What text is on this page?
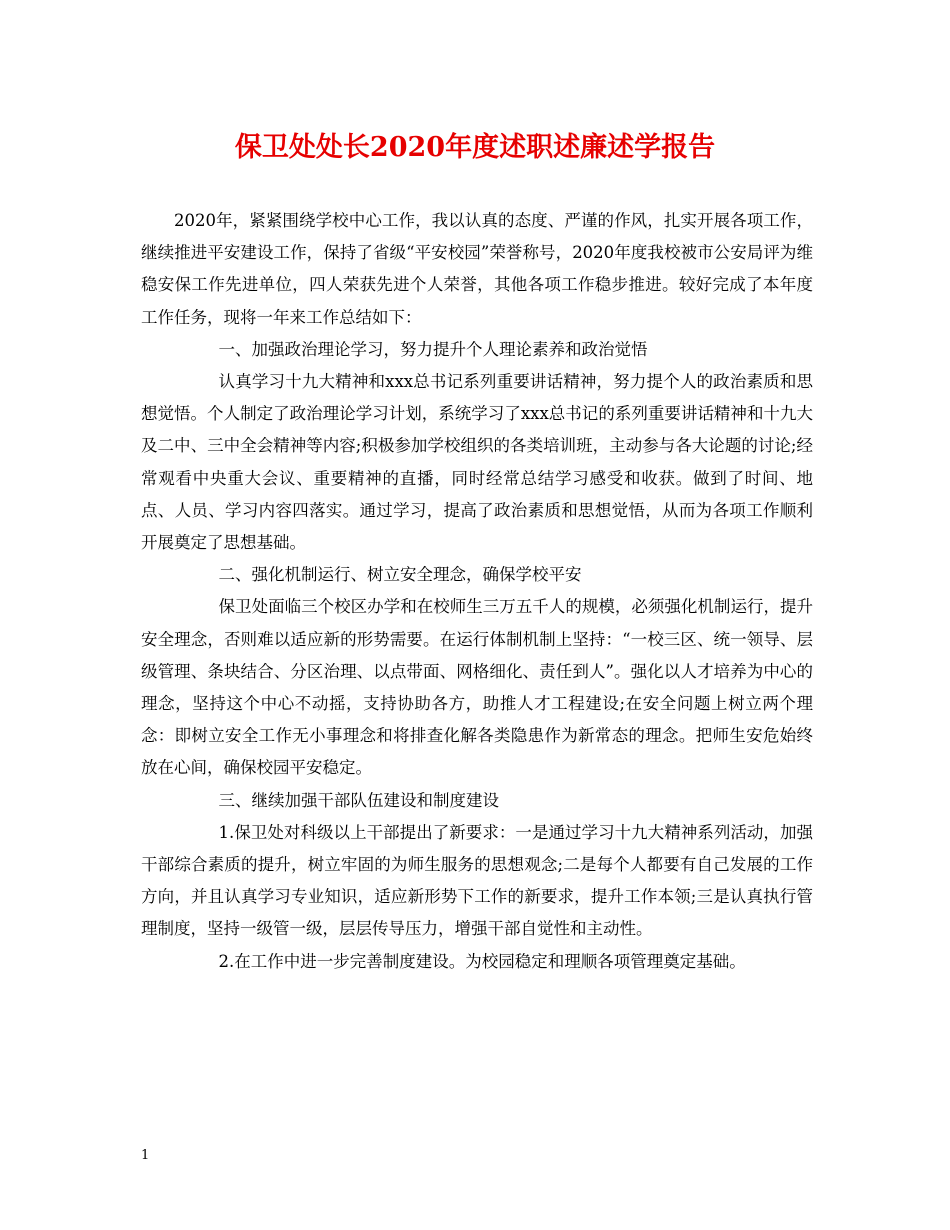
保卫处处长2020年度述职述廉述学报告

2020年，紧紧围绕学校中心工作，我以认真的态度、严谨的作风，扎实开展各项工作，继续推进平安建设工作，保持了省级“平安校园”荣誉称号，2020年度我校被市公安局评为维稳安保工作先进单位，四人荣获先进个人荣誉，其他各项工作稳步推进。较好完成了本年度工作任务，现将一年来工作总结如下：

一、加强政治理论学习，努力提升个人理论素养和政治觉悟

认真学习十九大精神和xxx总书记系列重要讲话精神，努力提个人的政治素质和思想觉悟。个人制定了政治理论学习计划，系统学习了xxx总书记的系列重要讲话精神和十九大及二中、三中全会精神等内容;积极参加学校组织的各类培训班，主动参与各大论题的讨论;经常观看中央重大会议、重要精神的直播，同时经常总结学习感受和收获。做到了时间、地点、人员、学习内容四落实。通过学习，提高了政治素质和思想觉悟，从而为各项工作顺利开展奠定了思想基础。

二、强化机制运行、树立安全理念，确保学校平安

保卫处面临三个校区办学和在校师生三万五千人的规模，必须强化机制运行，提升安全理念，否则难以适应新的形势需要。在运行体制机制上坚持：“一校三区、统一领导、层级管理、条块结合、分区治理、以点带面、网格细化、责任到人”。强化以人才培养为中心的理念，坚持这个中心不动摇，支持协助各方，助推人才工程建设;在安全问题上树立两个理念：即树立安全工作无小事理念和将排查化解各类隐患作为新常态的理念。把师生安危始终放在心间，确保校园平安稳定。

三、继续加强干部队伍建设和制度建设

1.保卫处对科级以上干部提出了新要求：一是通过学习十九大精神系列活动，加强干部综合素质的提升，树立牢固的为师生服务的思想观念;二是每个人都要有自己发展的工作方向，并且认真学习专业知识，适应新形势下工作的新要求，提升工作本领;三是认真执行管理制度，坚持一级管一级，层层传导压力，增强干部自觉性和主动性。

2.在工作中进一步完善制度建设。为校园稳定和理顺各项管理奠定基础。

1
